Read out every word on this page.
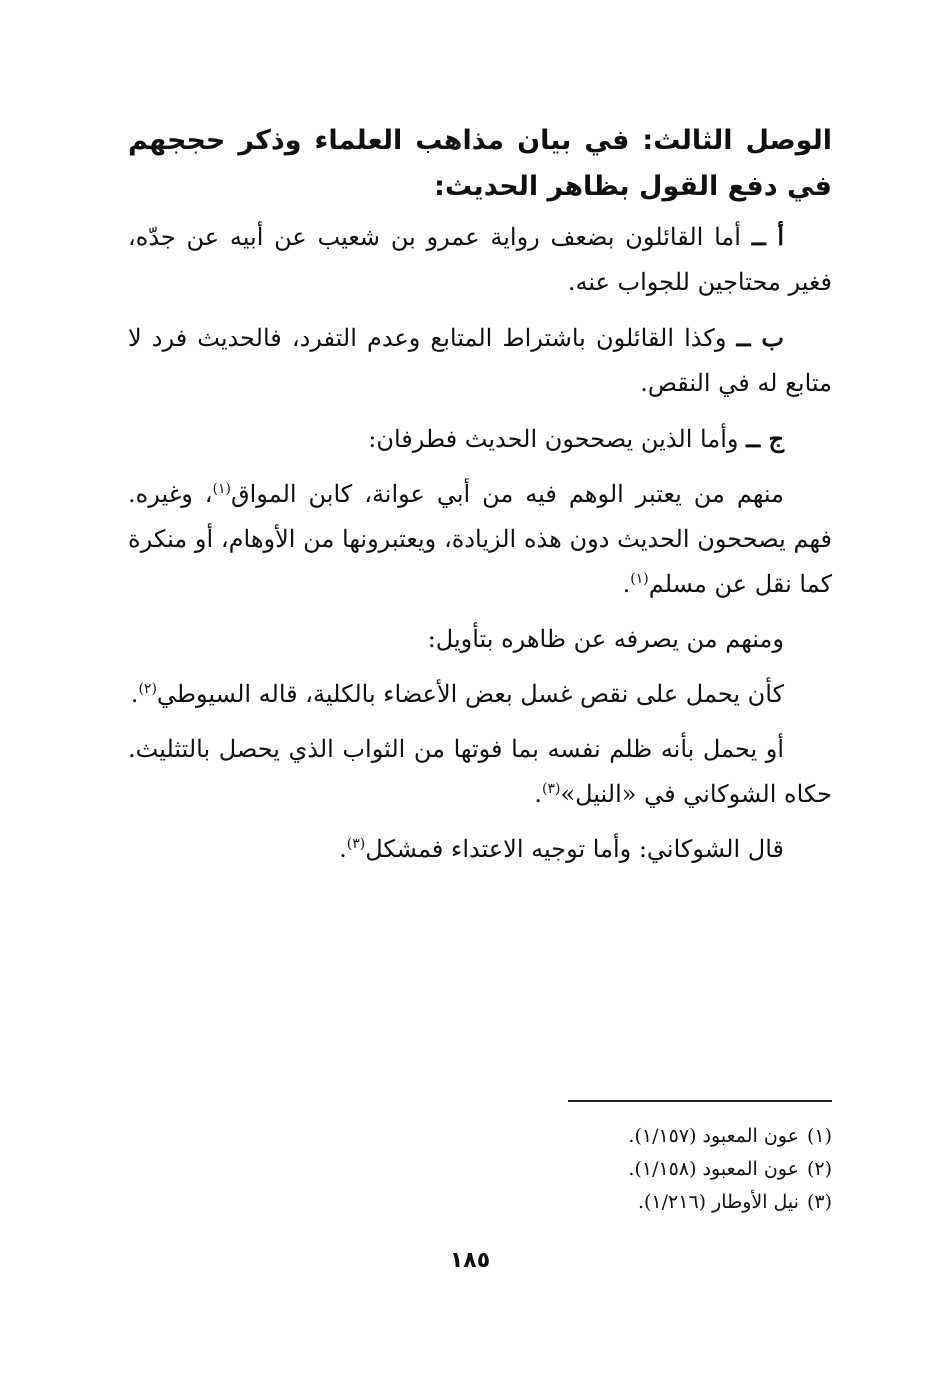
الوصل الثالث: في بيان مذاهب العلماء وذكر حججهم في دفع القول بظاهر الحديث:

أ ــ أما القائلون بضعف رواية عمرو بن شعيب عن أبيه عن جدّه، فغير محتاجين للجواب عنه.

ب ــ وكذا القائلون باشتراط المتابع وعدم التفرد، فالحديث فرد لا متابع له في النقص.

ج ــ وأما الذين يصححون الحديث فطرفان:

منهم من يعتبر الوهم فيه من أبي عوانة، كابن المواق$^{(١)}$، وغيره. فهم يصححون الحديث دون هذه الزيادة، ويعتبرونها من الأوهام، أو منكرة كما نقل عن مسلم$^{(١)}$.

ومنهم من يصرفه عن ظاهره بتأويل:

كأن يحمل على نقص غسل بعض الأعضاء بالكلية، قاله السيوطي$^{(٢)}$.

أو يحمل بأنه ظلم نفسه بما فوتها من الثواب الذي يحصل بالتثليث. حكاه الشوكاني في «النيل»$^{(٣)}$.

قال الشوكاني: وأما توجيه الاعتداء فمشكل$^{(٣)}$.

(١)عون المعبود (١/١٥٧).

(٢)عون المعبود (١/١٥٨).

(٣)نيل الأوطار (١/٢١٦).

١٨٥
